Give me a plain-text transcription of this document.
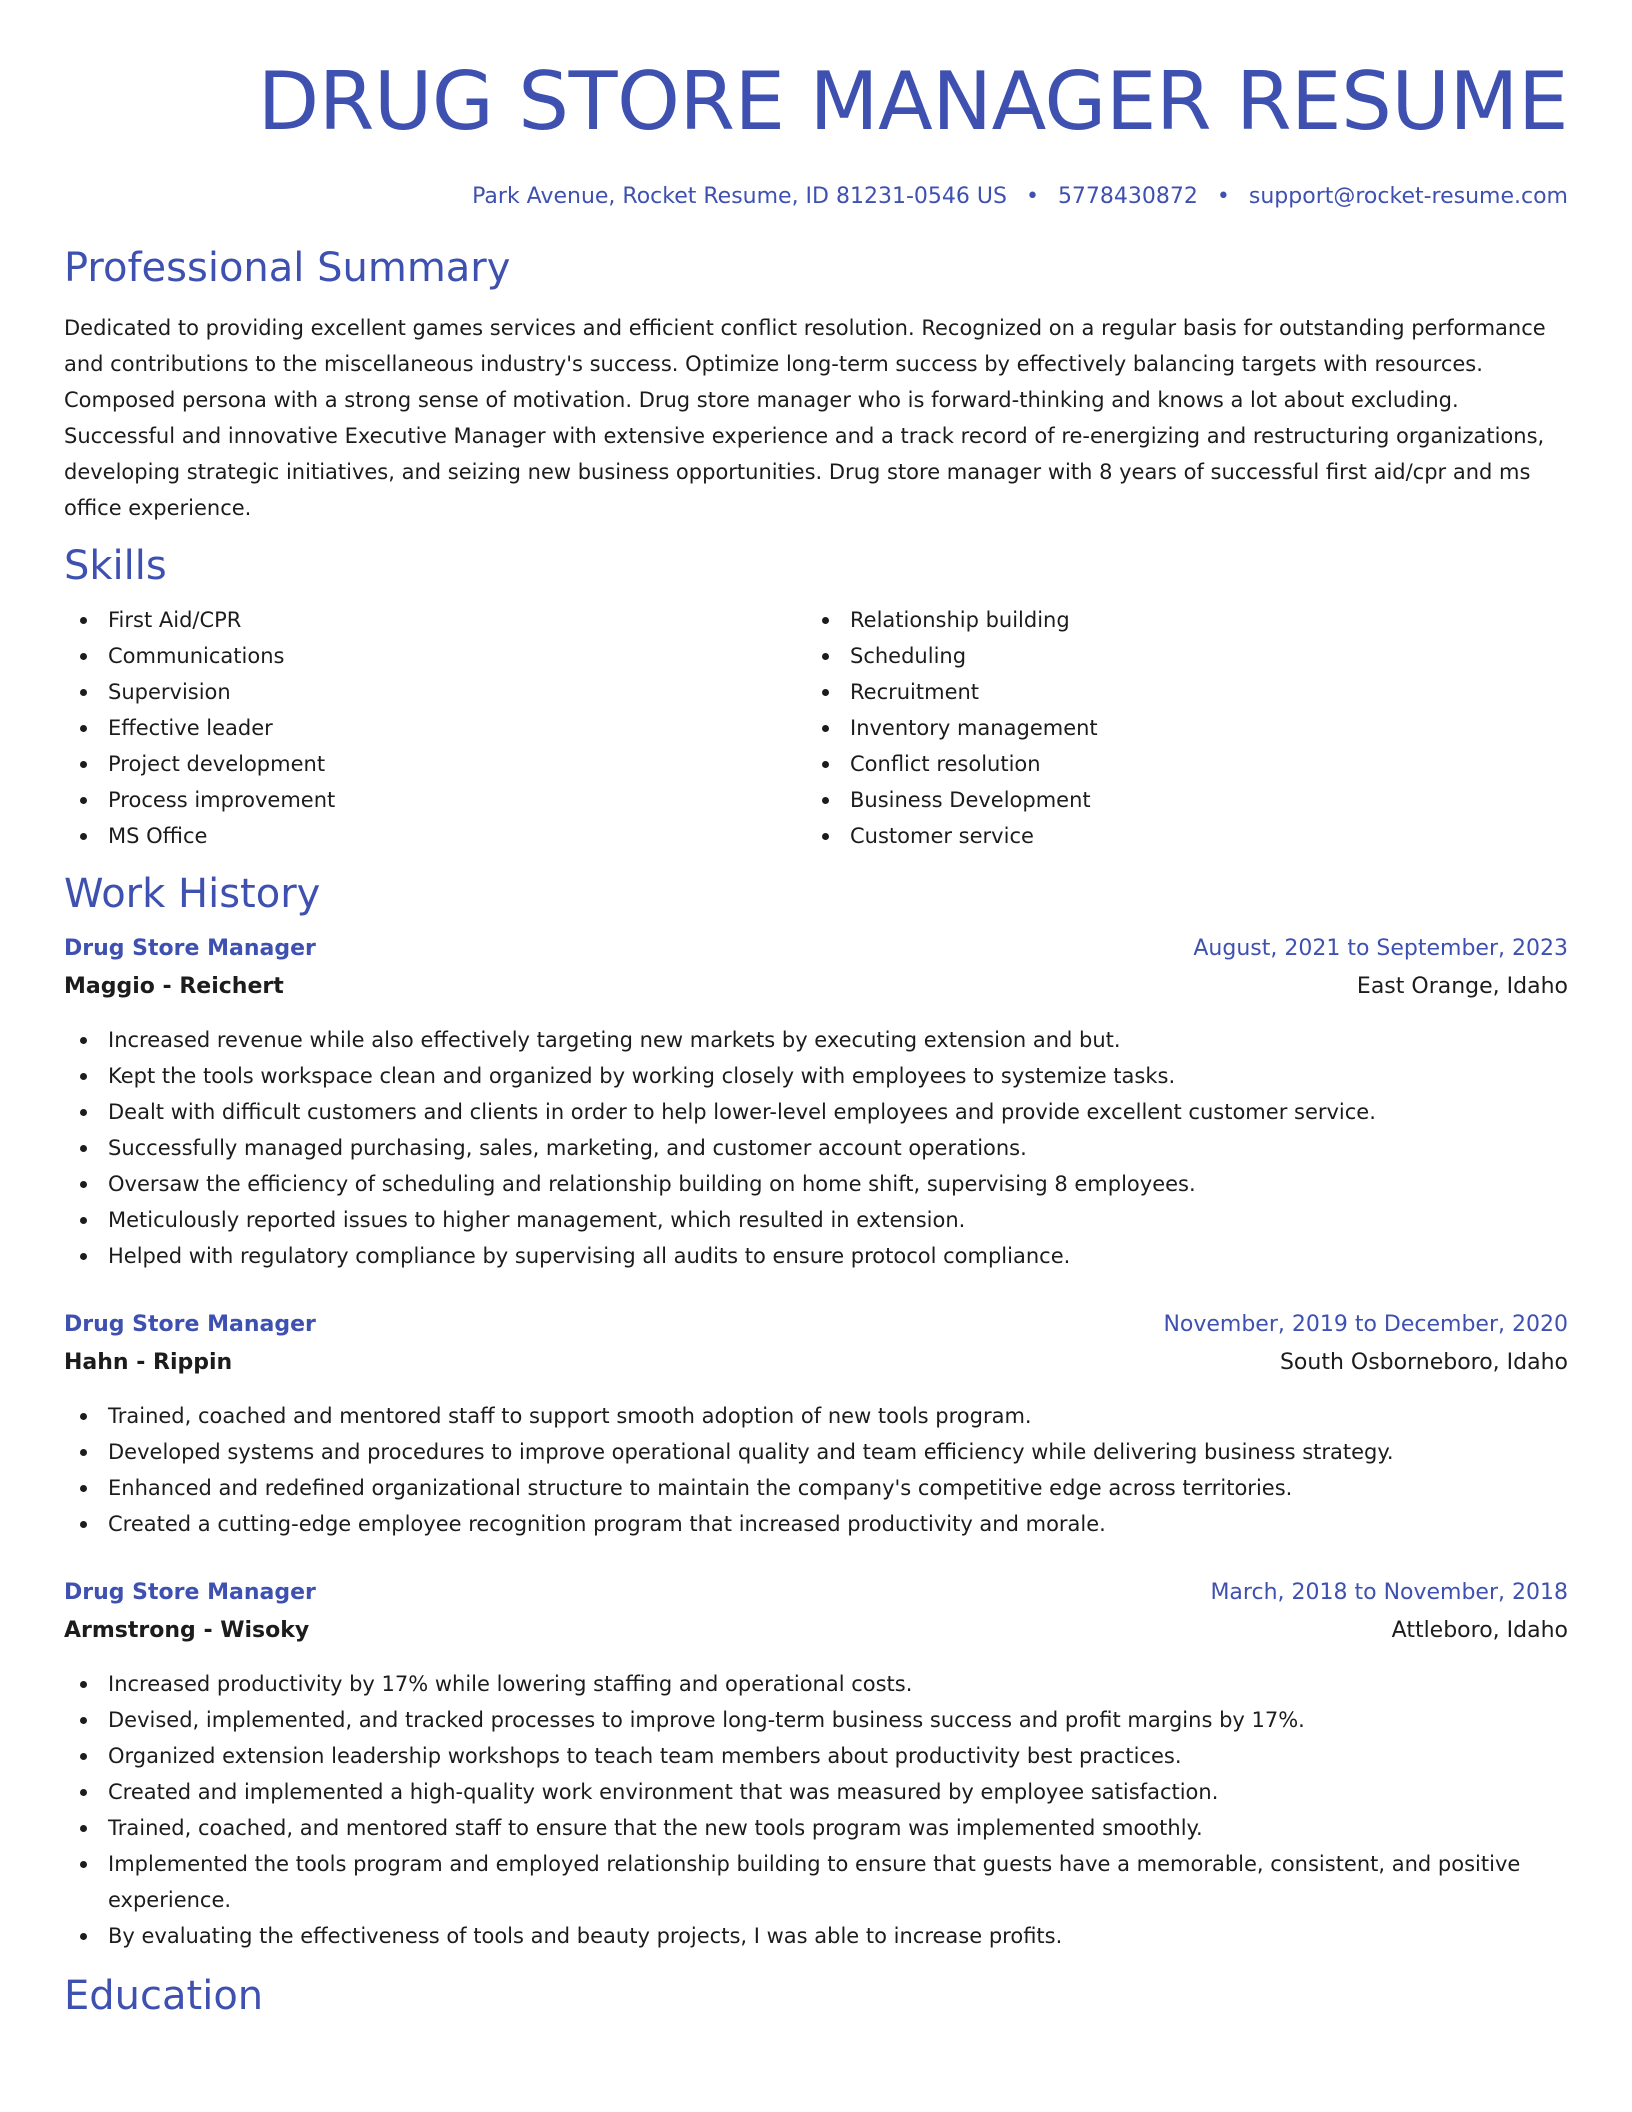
DRUG STORE MANAGER RESUME
Park Avenue, Rocket Resume, ID 81231-0546 US • 5778430872 • support@rocket-resume.com
Professional Summary

Dedicated to providing excellent games services and efficient conflict resolution. Recognized on a regular basis for outstanding performance and contributions to the miscellaneous industry's success. Optimize long-term success by effectively balancing targets with resources. Composed persona with a strong sense of motivation. Drug store manager who is forward-thinking and knows a lot about excluding. Successful and innovative Executive Manager with extensive experience and a track record of re-energizing and restructuring organizations, developing strategic initiatives, and seizing new business opportunities. Drug store manager with 8 years of successful first aid/cpr and ms office experience.

Skills
First Aid/CPR
Communications
Supervision
Effective leader
Project development
Process improvement
MS Office
Relationship building
Scheduling
Recruitment
Inventory management
Conflict resolution
Business Development
Customer service
Work History
Drug Store Manager	August, 2021 to September, 2023
Maggio - Reichert	East Orange, Idaho
Increased revenue while also effectively targeting new markets by executing extension and but.
Kept the tools workspace clean and organized by working closely with employees to systemize tasks.
Dealt with difficult customers and clients in order to help lower-level employees and provide excellent customer service.
Successfully managed purchasing, sales, marketing, and customer account operations.
Oversaw the efficiency of scheduling and relationship building on home shift, supervising 8 employees.
Meticulously reported issues to higher management, which resulted in extension.
Helped with regulatory compliance by supervising all audits to ensure protocol compliance.
Drug Store Manager	November, 2019 to December, 2020
Hahn - Rippin	South Osborneboro, Idaho
Trained, coached and mentored staff to support smooth adoption of new tools program.
Developed systems and procedures to improve operational quality and team efficiency while delivering business strategy.
Enhanced and redefined organizational structure to maintain the company's competitive edge across territories.
Created a cutting-edge employee recognition program that increased productivity and morale.
Drug Store Manager	March, 2018 to November, 2018
Armstrong - Wisoky	Attleboro, Idaho
Increased productivity by 17% while lowering staffing and operational costs.
Devised, implemented, and tracked processes to improve long-term business success and profit margins by 17%.
Organized extension leadership workshops to teach team members about productivity best practices.
Created and implemented a high-quality work environment that was measured by employee satisfaction.
Trained, coached, and mentored staff to ensure that the new tools program was implemented smoothly.
Implemented the tools program and employed relationship building to ensure that guests have a memorable, consistent, and positive experience.
By evaluating the effectiveness of tools and beauty projects, I was able to increase profits.
Education
